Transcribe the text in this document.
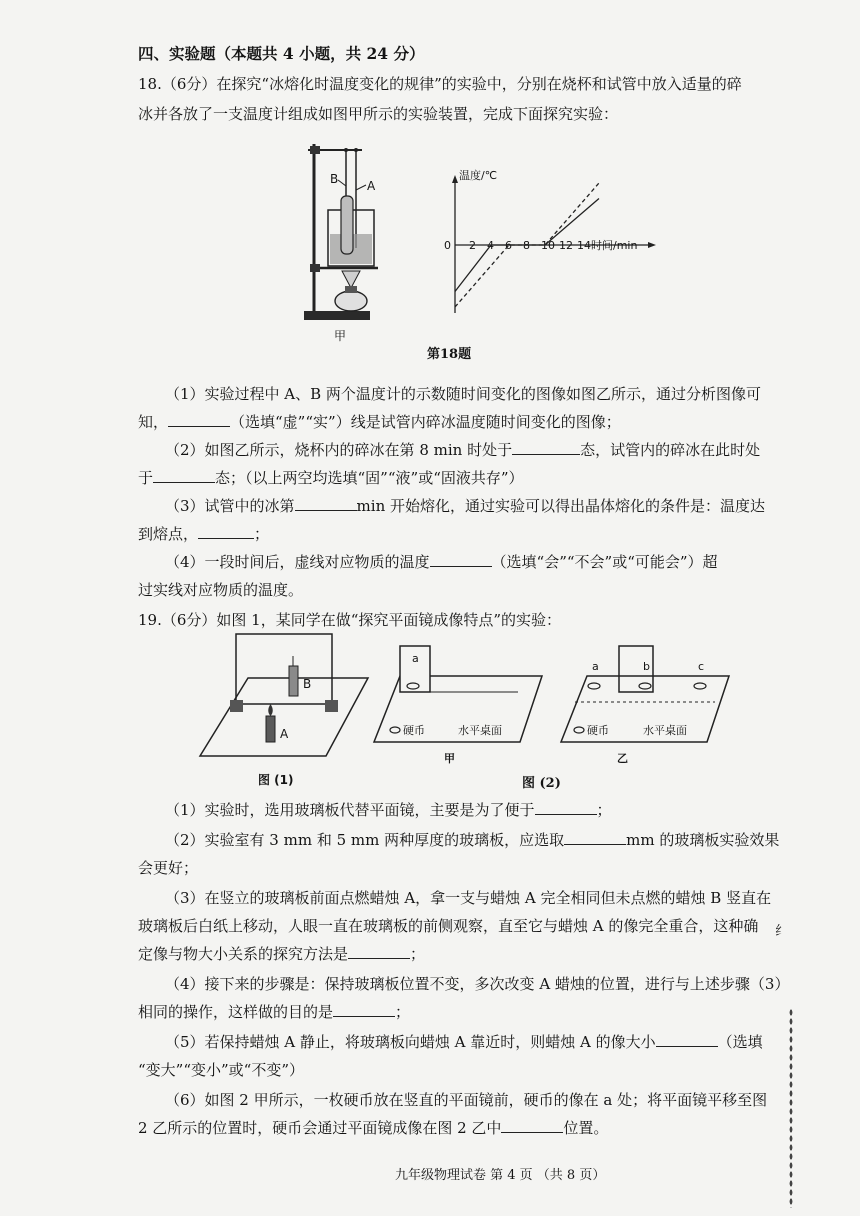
四、实验题（本题共 4 小题，共 24 分）
18.（6分）在探究“冰熔化时温度变化的规律”的实验中，分别在烧杯和试管中放入适量的碎
冰并各放了一支温度计组成如图甲所示的实验装置，完成下面探究实验：
B A
甲
温度/℃
0 2 4 6 8 10 12 14 时间/min
第18题
（1）实验过程中 A、B 两个温度计的示数随时间变化的图像如图乙所示，通过分析图像可
知，	（选填“虚”“实”）线是试管内碎冰温度随时间变化的图像；
（2）如图乙所示，烧杯内的碎冰在第 8 min 时处于	态，试管内的碎冰在此时处
于	态；（以上两空均选填“固”“液”或“固液共存”）
（3）试管中的冰第	min 开始熔化，通过实验可以得出晶体熔化的条件是：温度达
到熔点，	；
（4）一段时间后，虚线对应物质的温度	（选填“会”“不会”或“可能会”）超
过实线对应物质的温度。
19.（6分）如图 1，某同学在做“探究平面镜成像特点”的实验：
B
A
图 (1)
a
硬币	水平桌面
甲
a	b	c
硬币	水平桌面
乙
图 (2)
（1）实验时，选用玻璃板代替平面镜，主要是为了便于	；
（2）实验室有 3 mm 和 5 mm 两种厚度的玻璃板，应选取	mm 的玻璃板实验效果
会更好；
（3）在竖立的玻璃板前面点燃蜡烛 A，拿一支与蜡烛 A 完全相同但未点燃的蜡烛 B 竖直在
玻璃板后白纸上移动，人眼一直在玻璃板的前侧观察，直至它与蜡烛 A 的像完全重合，这种确
定像与物大小关系的探究方法是	；
（4）接下来的步骤是：保持玻璃板位置不变，多次改变 A 蜡烛的位置，进行与上述步骤（3）
相同的操作，这样做的目的是	；
（5）若保持蜡烛 A 静止，将玻璃板向蜡烛 A 靠近时，则蜡烛 A 的像大小	（选填
“变大”“变小”或“不变”）
（6）如图 2 甲所示，一枚硬币放在竖直的平面镜前，硬币的像在 a 处；将平面镜平移至图
2 乙所示的位置时，硬币会通过平面镜成像在图 2 乙中	位置。
纟
九年级物理试卷 第 4 页 （共 8 页）
